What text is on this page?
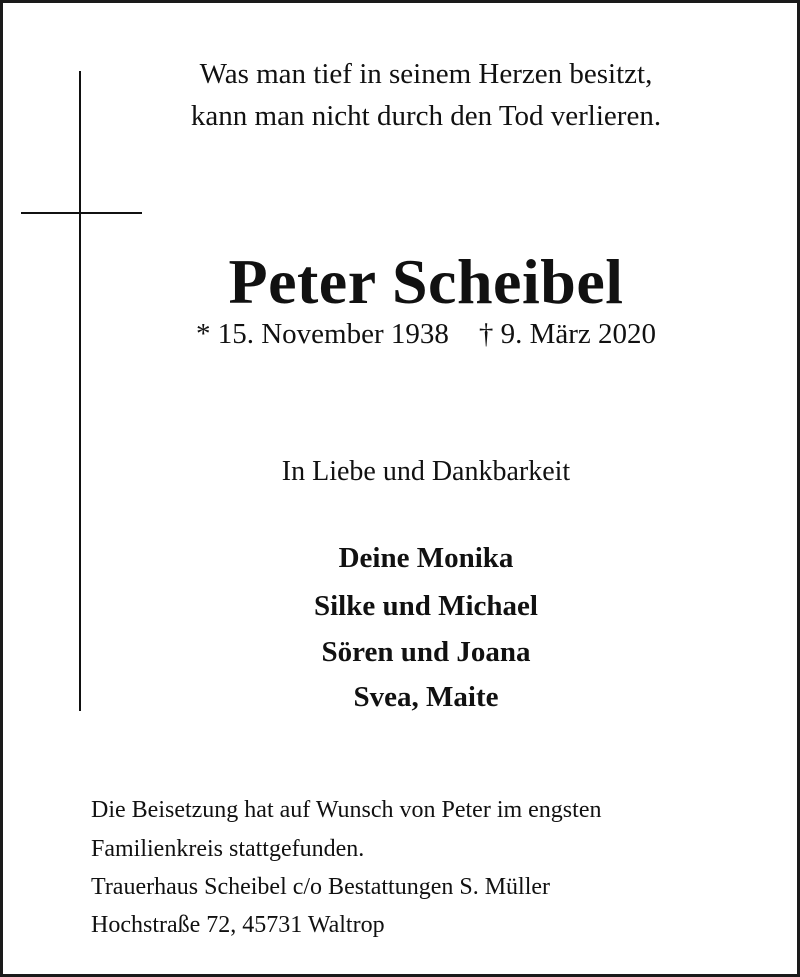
Was man tief in seinem Herzen besitzt,
kann man nicht durch den Tod verlieren.
Peter Scheibel
* 15. November 1938 † 9. März 2020
In Liebe und Dankbarkeit
Deine Monika
Silke und Michael
Sören und Joana
Svea, Maite
Die Beisetzung hat auf Wunsch von Peter im engsten
Familienkreis stattgefunden.
Trauerhaus Scheibel c/o Bestattungen S. Müller
Hochstraße 72, 45731 Waltrop
